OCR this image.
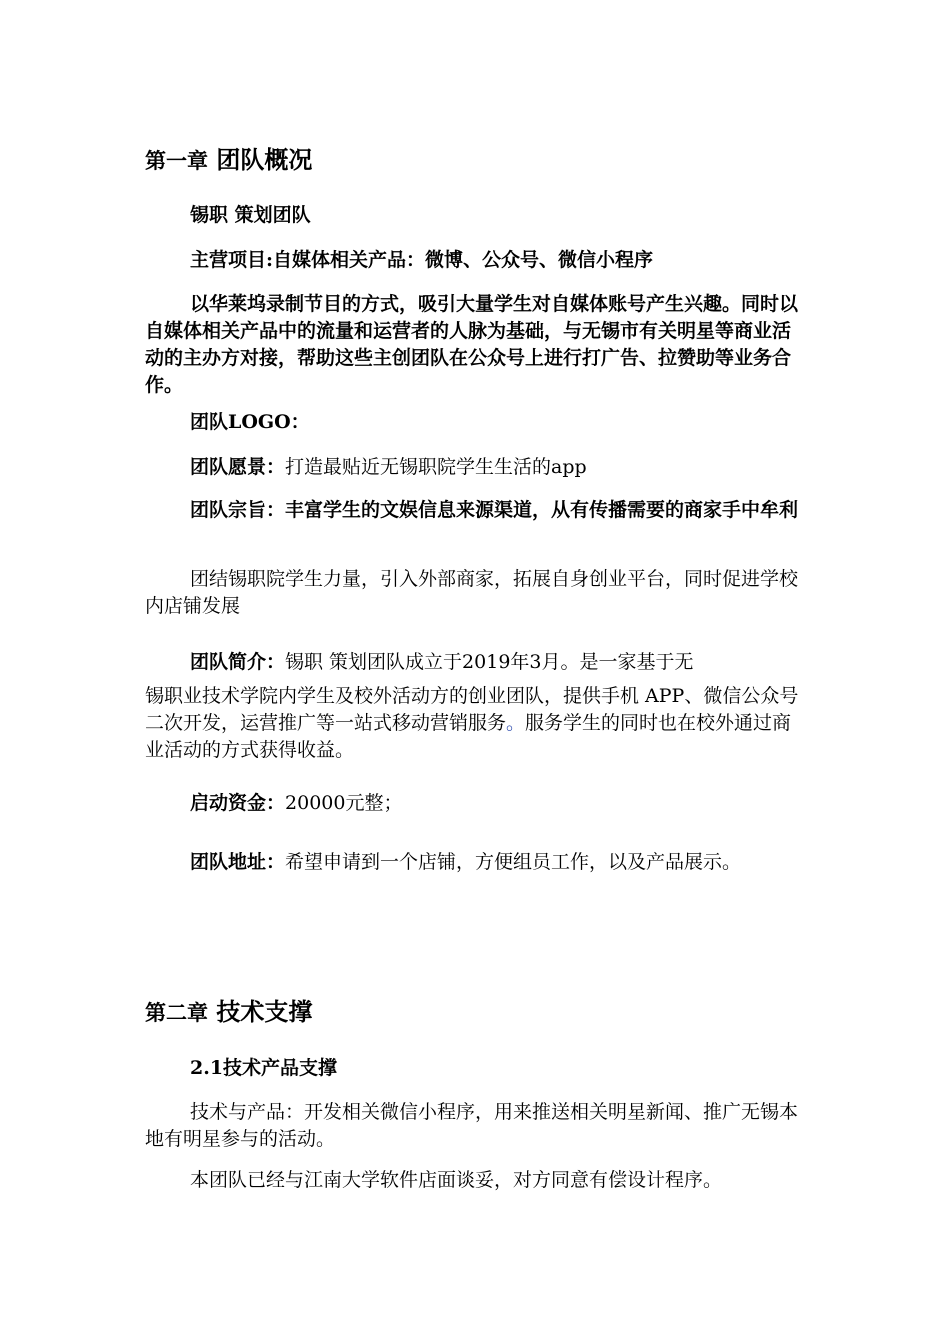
第一章 团队概况
锡职 策划团队
主营项目:自媒体相关产品：微博、公众号、微信小程序
以华莱坞录制节目的方式，吸引大量学生对自媒体账号产生兴趣。同时以自媒体相关产品中的流量和运营者的人脉为基础，与无锡市有关明星等商业活动的主办方对接，帮助这些主创团队在公众号上进行打广告、拉赞助等业务合作。
团队LOGO：
团队愿景：打造最贴近无锡职院学生生活的app
团队宗旨：丰富学生的文娱信息来源渠道，从有传播需要的商家手中牟利
团结锡职院学生力量，引入外部商家，拓展自身创业平台，同时促进学校内店铺发展
团队简介：锡职 策划团队成立于2019年3月。是一家基于无
锡职业技术学院内学生及校外活动方的创业团队，提供手机 APP、微信公众号二次开发，运营推广等一站式移动营销服务。服务学生的同时也在校外通过商业活动的方式获得收益。
启动资金：20000元整；
团队地址：希望申请到一个店铺，方便组员工作，以及产品展示。
第二章 技术支撑
2.1技术产品支撑
技术与产品：开发相关微信小程序，用来推送相关明星新闻、推广无锡本地有明星参与的活动。
本团队已经与江南大学软件店面谈妥，对方同意有偿设计程序。
